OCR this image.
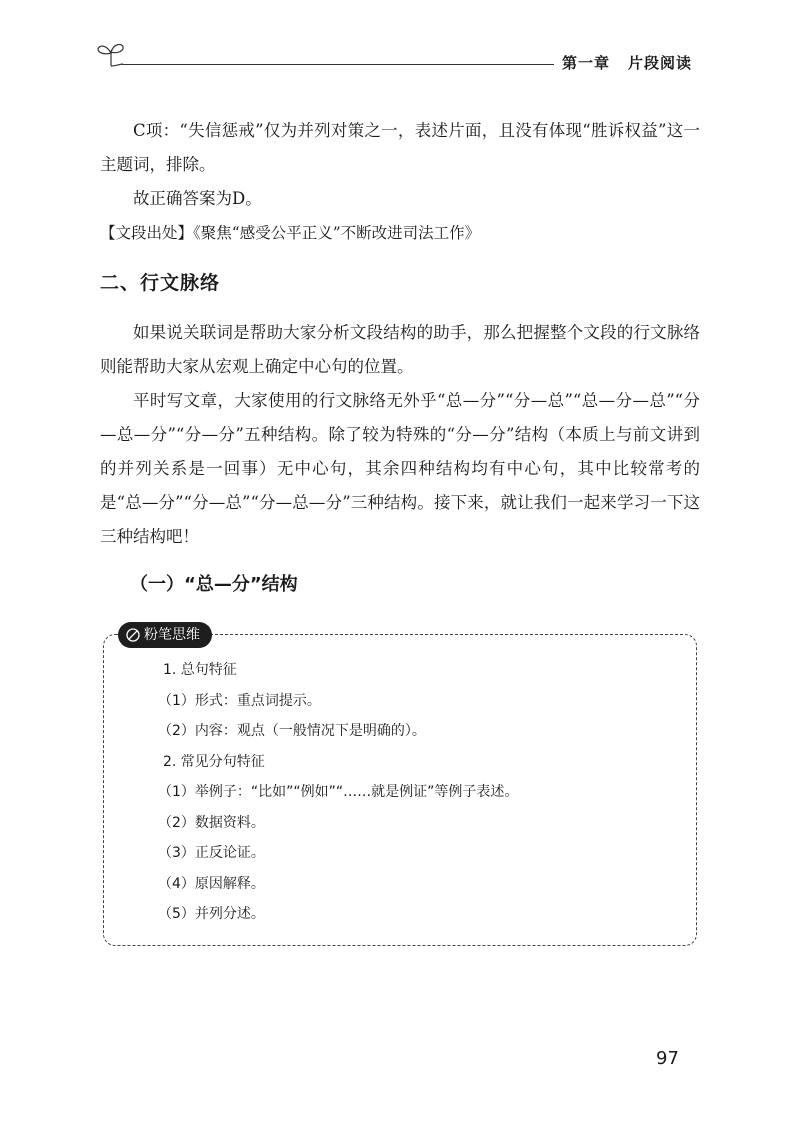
第一章 片段阅读

C项：“失信惩戒”仅为并列对策之一，表述片面，且没有体现“胜诉权益”这一主题词，排除。

故正确答案为D。

【文段出处】《聚焦“感受公平正义”不断改进司法工作》

二、行文脉络

如果说关联词是帮助大家分析文段结构的助手，那么把握整个文段的行文脉络则能帮助大家从宏观上确定中心句的位置。

平时写文章，大家使用的行文脉络无外乎“总—分”“分—总”“总—分—总”“分—总—分”“分—分”五种结构。除了较为特殊的“分—分”结构（本质上与前文讲到的并列关系是一回事）无中心句，其余四种结构均有中心句，其中比较常考的是“总—分”“分—总”“分—总—分”三种结构。接下来，就让我们一起来学习一下这三种结构吧！

（一）“总—分”结构
粉笔思维
1. 总句特征
（1）形式：重点词提示。
（2）内容：观点（一般情况下是明确的）。
2. 常见分句特征
（1）举例子：“比如”“例如”“……就是例证”等例子表述。
（2）数据资料。
（3）正反论证。
（4）原因解释。
（5）并列分述。
97
